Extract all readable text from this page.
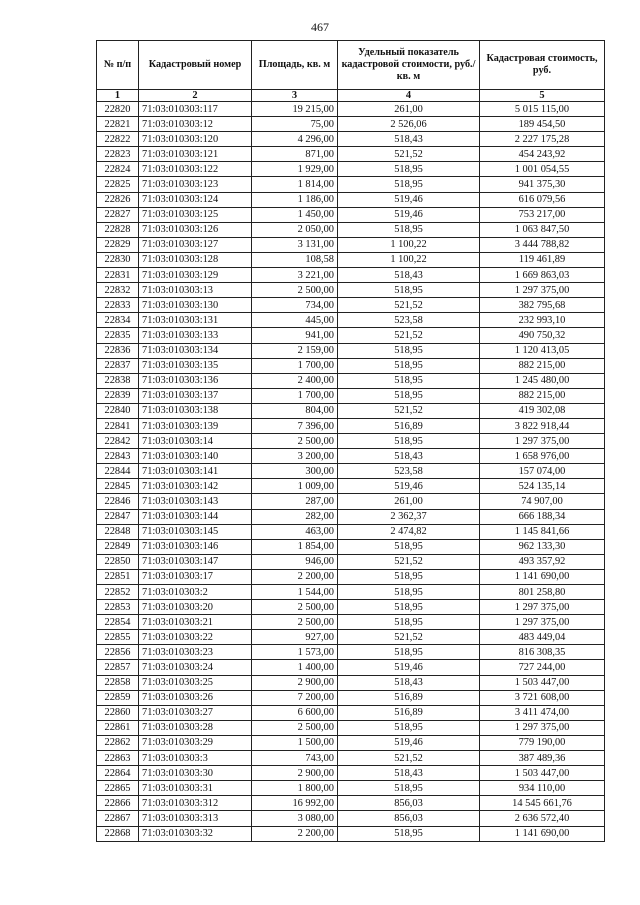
467
№ п/п	Кадастровый номер	Площадь, кв. м	Удельный показатель кадастровой стоимости, руб./кв. м	Кадастровая стоимость, руб.
1	2	3	4	5
22820	71:03:010303:117	19 215,00	261,00	5 015 115,00
22821	71:03:010303:12	75,00	2 526,06	189 454,50
22822	71:03:010303:120	4 296,00	518,43	2 227 175,28
22823	71:03:010303:121	871,00	521,52	454 243,92
22824	71:03:010303:122	1 929,00	518,95	1 001 054,55
22825	71:03:010303:123	1 814,00	518,95	941 375,30
22826	71:03:010303:124	1 186,00	519,46	616 079,56
22827	71:03:010303:125	1 450,00	519,46	753 217,00
22828	71:03:010303:126	2 050,00	518,95	1 063 847,50
22829	71:03:010303:127	3 131,00	1 100,22	3 444 788,82
22830	71:03:010303:128	108,58	1 100,22	119 461,89
22831	71:03:010303:129	3 221,00	518,43	1 669 863,03
22832	71:03:010303:13	2 500,00	518,95	1 297 375,00
22833	71:03:010303:130	734,00	521,52	382 795,68
22834	71:03:010303:131	445,00	523,58	232 993,10
22835	71:03:010303:133	941,00	521,52	490 750,32
22836	71:03:010303:134	2 159,00	518,95	1 120 413,05
22837	71:03:010303:135	1 700,00	518,95	882 215,00
22838	71:03:010303:136	2 400,00	518,95	1 245 480,00
22839	71:03:010303:137	1 700,00	518,95	882 215,00
22840	71:03:010303:138	804,00	521,52	419 302,08
22841	71:03:010303:139	7 396,00	516,89	3 822 918,44
22842	71:03:010303:14	2 500,00	518,95	1 297 375,00
22843	71:03:010303:140	3 200,00	518,43	1 658 976,00
22844	71:03:010303:141	300,00	523,58	157 074,00
22845	71:03:010303:142	1 009,00	519,46	524 135,14
22846	71:03:010303:143	287,00	261,00	74 907,00
22847	71:03:010303:144	282,00	2 362,37	666 188,34
22848	71:03:010303:145	463,00	2 474,82	1 145 841,66
22849	71:03:010303:146	1 854,00	518,95	962 133,30
22850	71:03:010303:147	946,00	521,52	493 357,92
22851	71:03:010303:17	2 200,00	518,95	1 141 690,00
22852	71:03:010303:2	1 544,00	518,95	801 258,80
22853	71:03:010303:20	2 500,00	518,95	1 297 375,00
22854	71:03:010303:21	2 500,00	518,95	1 297 375,00
22855	71:03:010303:22	927,00	521,52	483 449,04
22856	71:03:010303:23	1 573,00	518,95	816 308,35
22857	71:03:010303:24	1 400,00	519,46	727 244,00
22858	71:03:010303:25	2 900,00	518,43	1 503 447,00
22859	71:03:010303:26	7 200,00	516,89	3 721 608,00
22860	71:03:010303:27	6 600,00	516,89	3 411 474,00
22861	71:03:010303:28	2 500,00	518,95	1 297 375,00
22862	71:03:010303:29	1 500,00	519,46	779 190,00
22863	71:03:010303:3	743,00	521,52	387 489,36
22864	71:03:010303:30	2 900,00	518,43	1 503 447,00
22865	71:03:010303:31	1 800,00	518,95	934 110,00
22866	71:03:010303:312	16 992,00	856,03	14 545 661,76
22867	71:03:010303:313	3 080,00	856,03	2 636 572,40
22868	71:03:010303:32	2 200,00	518,95	1 141 690,00
